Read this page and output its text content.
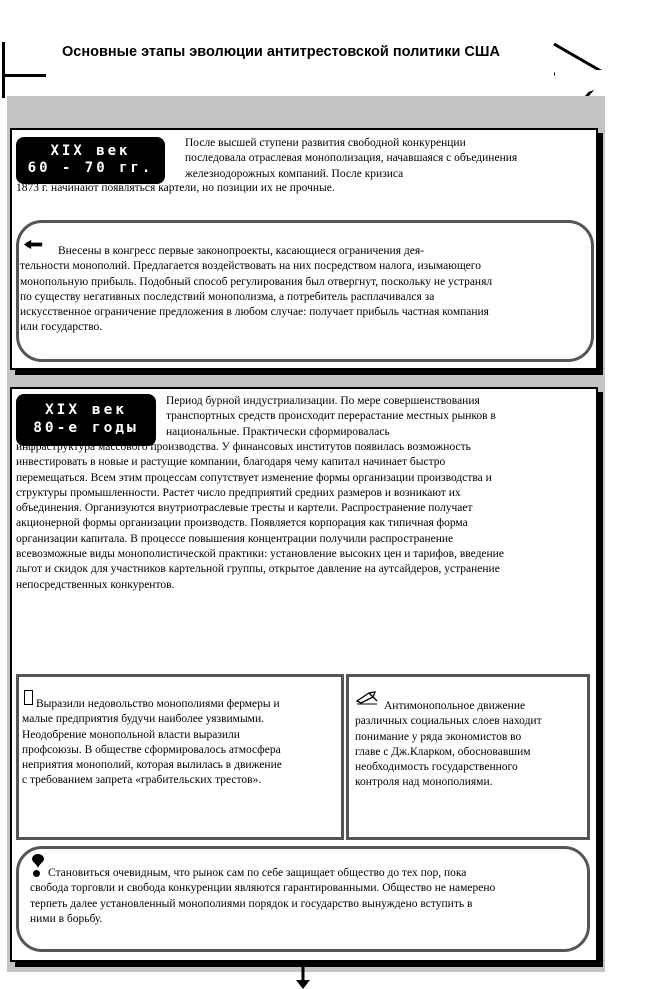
Основные этапы эволюции антитрестовской политики США
XIX век
60 - 70 гг.
После высшей ступени развития свободной конкуренции
последовала отраслевая монополизация, начавшаяся с объединения
железнодорожных компаний. После кризиса
1873 г. начинают появляться картели, но позиции их не прочные.
Внесены в конгресс первые законопроекты, касающиеся ограничения дея-
тельности монополий. Предлагается воздействовать на них посредством налога, изымающего
монопольную прибыль. Подобный способ регулирования был отвергнут, поскольку не устранял
по существу негативных последствий монополизма, а потребитель расплачивался за
искусственное ограничение предложения в любом случае: получает прибыль частная компания
или государство.
XIX век
80-е годы
Период бурной индустриализации. По мере совершенствования
транспортных средств происходит перерастание местных рынков в
национальные. Практически сформировалась
инфраструктура массового производства. У финансовых институтов появилась возможность
инвестировать в новые и растущие компании, благодаря чему капитал начинает быстро
перемещаться. Всем этим процессам сопутствует изменение формы организации производства и
структуры промышленности. Растет число предприятий средних размеров и возникают их
объединения. Организуются внутриотраслевые тресты и картели. Распространение получает
акционерной формы организации производств. Появляется корпорация как типичная форма
организации капитала. В процессе повышения концентрации получили распространение
всевозможные виды монополистической практики: установление высоких цен и тарифов, введение
льгот и скидок для участников картельной группы, открытое давление на аутсайдеров, устранение
непосредственных конкурентов.
Выразили недовольство монополиями фермеры и
малые предприятия будучи наиболее уязвимыми.
Неодобрение монопольной власти выразили
профсоюзы. В обществе сформировалось атмосфера
неприятия монополий, которая вылилась в движение
с требованием запрета «грабительских трестов».
Антимонопольное движение
различных социальных слоев находит
понимание у ряда экономистов во
главе с Дж.Кларком, обосновавшим
необходимость государственного
контроля над монополиями.
Становиться очевидным, что рынок сам по себе защищает общество до тех пор, пока
свобода торговли и свобода конкуренции являются гарантированными. Общество не намерено
терпеть далее установленный монополиями порядок и государство вынуждено вступить в
ними в борьбу.
